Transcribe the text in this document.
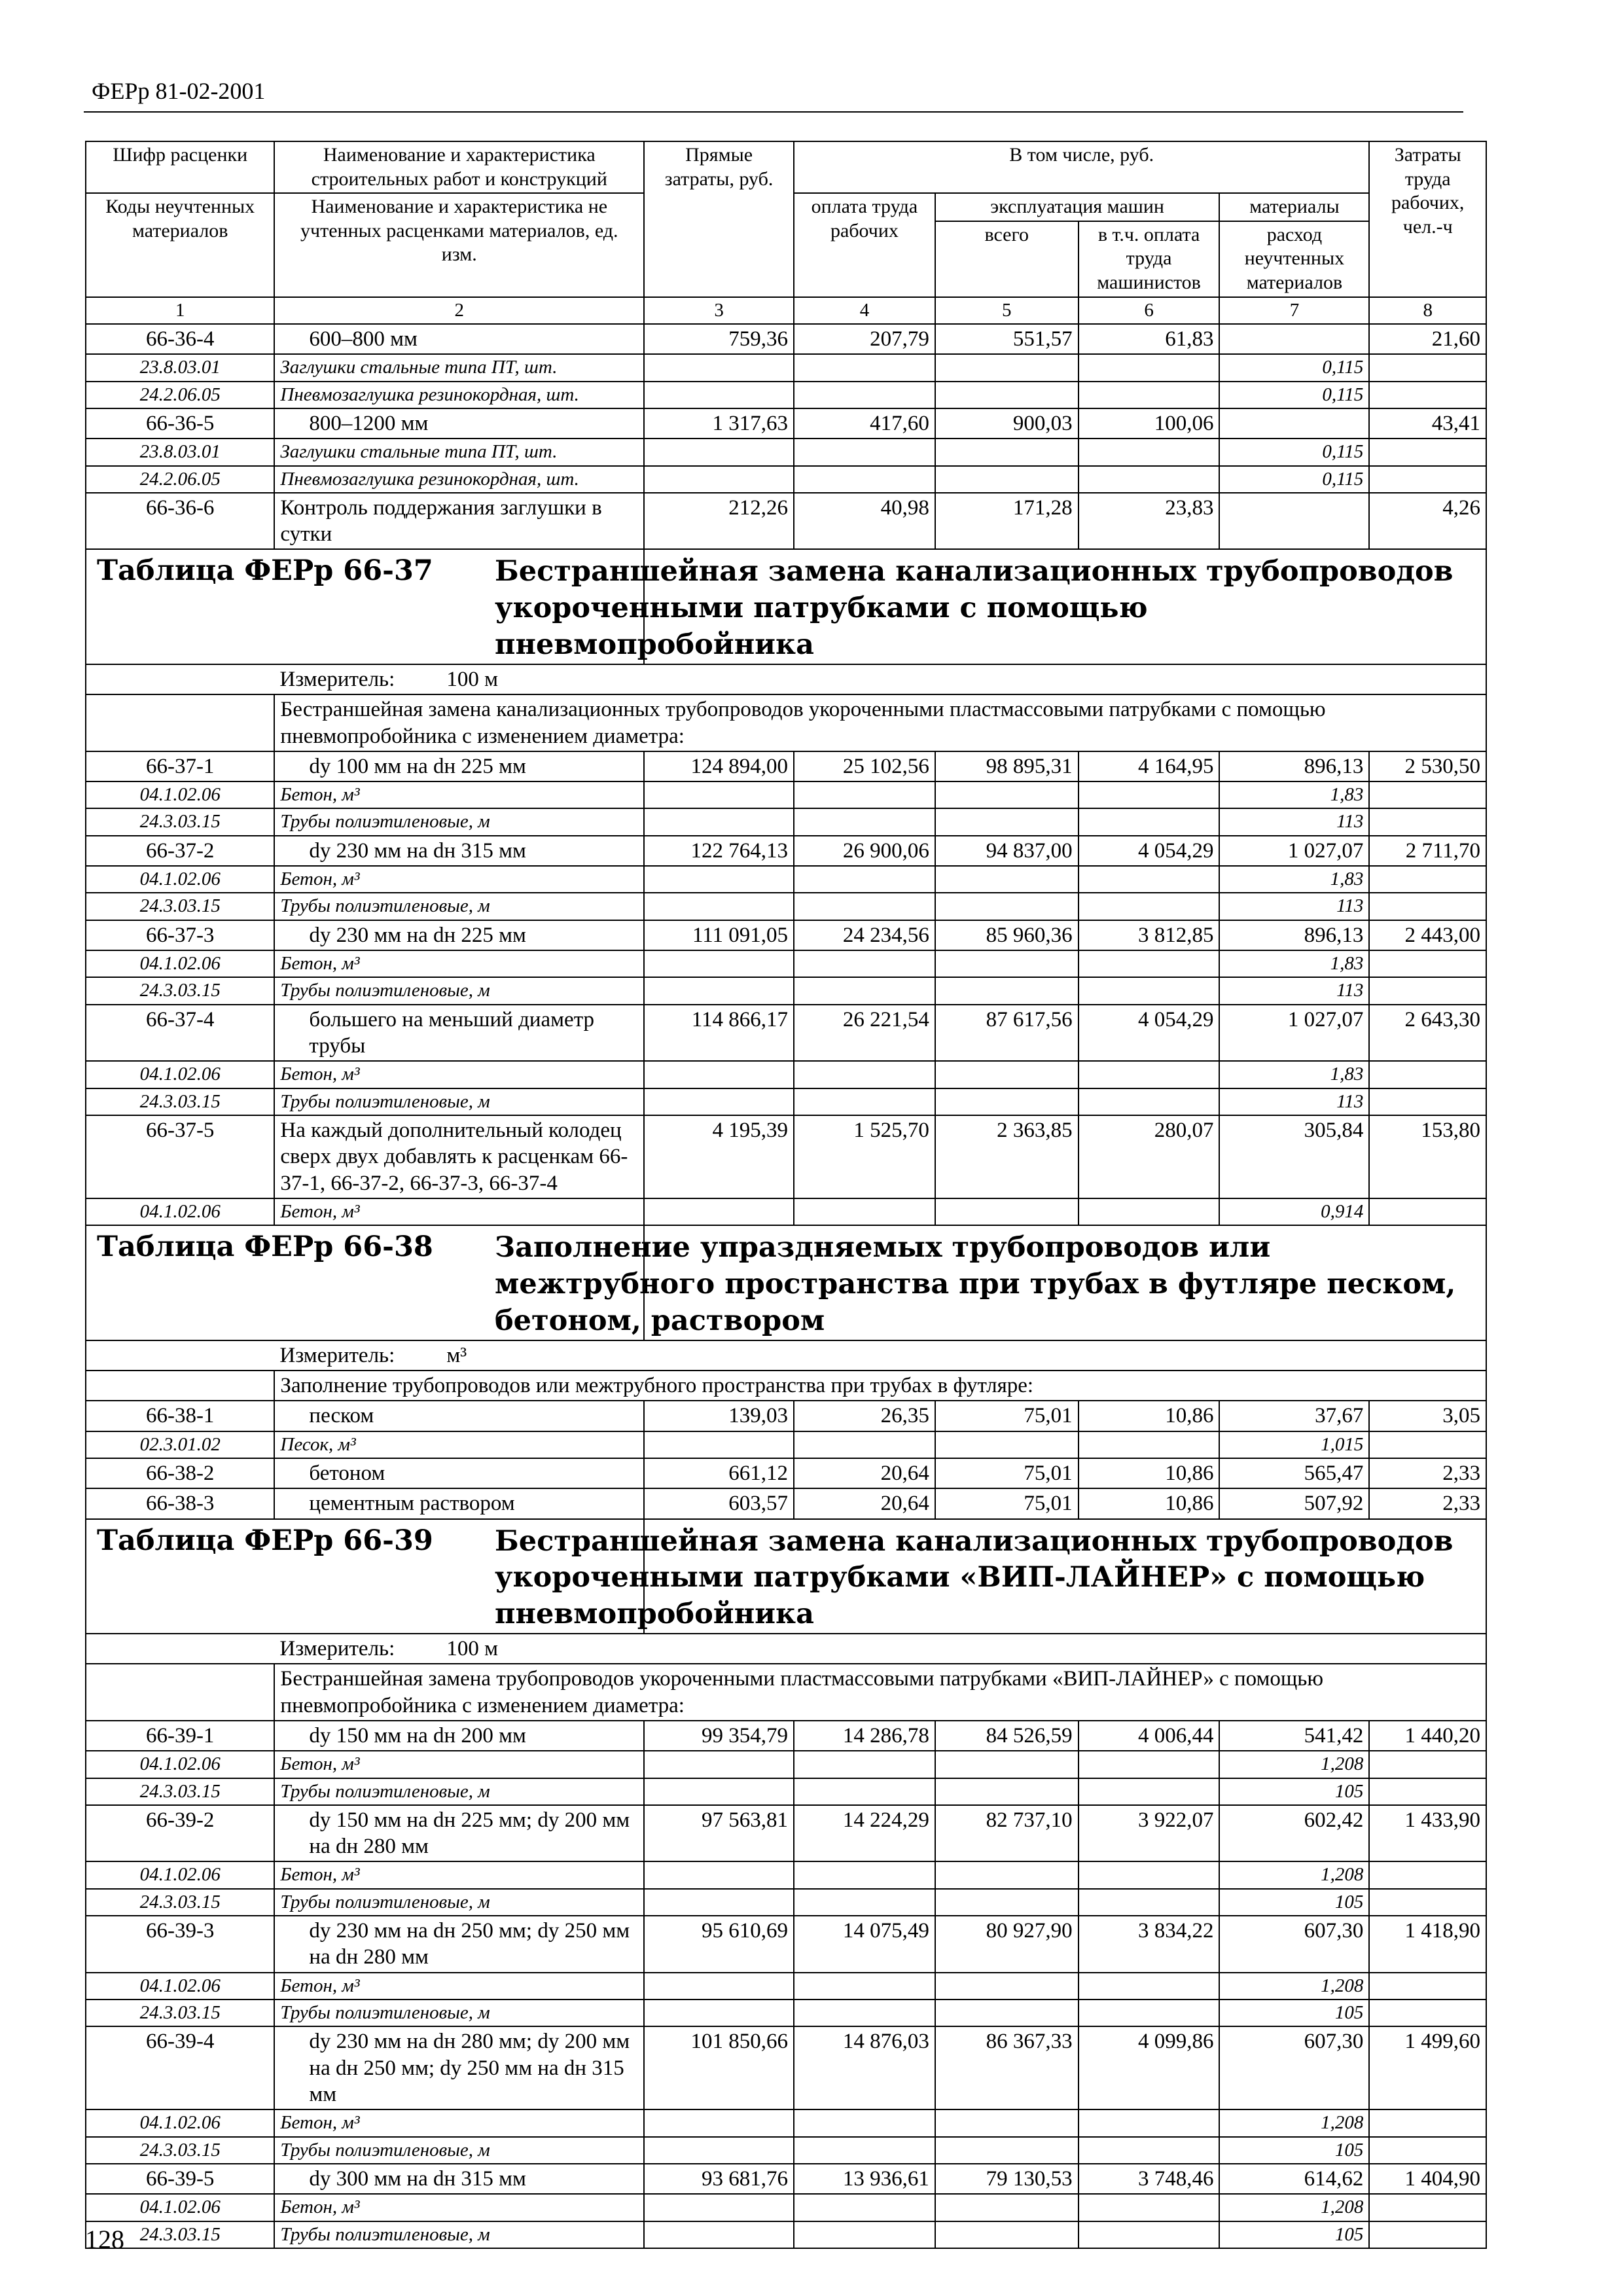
ФЕРр 81-02-2001
Шифр расценки	Наименование и характеристика строительных работ и конструкций	Прямые затраты, руб.	В том числе, руб.				Затраты труда рабочих, чел.-ч
Коды неучтенных материалов	Наименование и характеристика не учтенных расценками материалов, ед. изм.						
			оплата труда рабочих	эксплуатация машин		материалы	
				всего	в т.ч. оплата труда машинистов	расход неучтенных материалов	
1	2	3	4	5	6	7	8
66-36-4	600–800 мм	759,36	207,79	551,57	61,83		21,60
23.8.03.01	Заглушки стальные типа ПТ, шт.					0,115	
24.2.06.05	Пневмозаглушка резинокордная, шт.					0,115	
66-36-5	800–1200 мм	1 317,63	417,60	900,03	100,06		43,41
23.8.03.01	Заглушки стальные типа ПТ, шт.					0,115	
24.2.06.05	Пневмозаглушка резинокордная, шт.					0,115	
66-36-6	Контроль поддержания заглушки в сутки	212,26	40,98	171,28	23,83		4,26

Таблица ФЕРр 66-37 Бестраншейная замена канализационных трубопроводов укороченными патрубками с помощью пневмопробойника							

	Измеритель: 100 м						
	Бестраншейная замена канализационных трубопроводов укороченными пластмассовыми патрубками с помощью пневмопробойника с изменением диаметра:						
66-37-1	dу 100 мм на dн 225 мм	124 894,00	25 102,56	98 895,31	4 164,95	896,13	2 530,50
04.1.02.06	Бетон, м³					1,83	
24.3.03.15	Трубы полиэтиленовые, м					113	
66-37-2	dу 230 мм на dн 315 мм	122 764,13	26 900,06	94 837,00	4 054,29	1 027,07	2 711,70
04.1.02.06	Бетон, м³					1,83	
24.3.03.15	Трубы полиэтиленовые, м					113	
66-37-3	dу 230 мм на dн 225 мм	111 091,05	24 234,56	85 960,36	3 812,85	896,13	2 443,00
04.1.02.06	Бетон, м³					1,83	
24.3.03.15	Трубы полиэтиленовые, м					113	
66-37-4	большего на меньший диаметр трубы	114 866,17	26 221,54	87 617,56	4 054,29	1 027,07	2 643,30
04.1.02.06	Бетон, м³					1,83	
24.3.03.15	Трубы полиэтиленовые, м					113	
66-37-5	На каждый дополнительный колодец сверх двух добавлять к расценкам 66-37-1, 66-37-2, 66-37-3, 66-37-4	4 195,39	1 525,70	2 363,85	280,07	305,84	153,80
04.1.02.06	Бетон, м³					0,914	

Таблица ФЕРр 66-38 Заполнение упраздняемых трубопроводов или межтрубного пространства при трубах в футляре песком, бетоном, раствором							

	Измеритель: м³						
	Заполнение трубопроводов или межтрубного пространства при трубах в футляре:						
66-38-1	песком	139,03	26,35	75,01	10,86	37,67	3,05
02.3.01.02	Песок, м³					1,015	
66-38-2	бетоном	661,12	20,64	75,01	10,86	565,47	2,33
66-38-3	цементным раствором	603,57	20,64	75,01	10,86	507,92	2,33

Таблица ФЕРр 66-39 Бестраншейная замена канализационных трубопроводов укороченными патрубками «ВИП-ЛАЙНЕР» с помощью пневмопробойника							

	Измеритель: 100 м						
	Бестраншейная замена трубопроводов укороченными пластмассовыми патрубками «ВИП-ЛАЙНЕР» с помощью пневмопробойника с изменением диаметра:						
66-39-1	dу 150 мм на dн 200 мм	99 354,79	14 286,78	84 526,59	4 006,44	541,42	1 440,20
04.1.02.06	Бетон, м³					1,208	
24.3.03.15	Трубы полиэтиленовые, м					105	
66-39-2	dу 150 мм на dн 225 мм; dу 200 мм на dн 280 мм	97 563,81	14 224,29	82 737,10	3 922,07	602,42	1 433,90
04.1.02.06	Бетон, м³					1,208	
24.3.03.15	Трубы полиэтиленовые, м					105	
66-39-3	dу 230 мм на dн 250 мм; dу 250 мм на dн 280 мм	95 610,69	14 075,49	80 927,90	3 834,22	607,30	1 418,90
04.1.02.06	Бетон, м³					1,208	
24.3.03.15	Трубы полиэтиленовые, м					105	
66-39-4	dу 230 мм на dн 280 мм; dу 200 мм на dн 250 мм; dу 250 мм на dн 315 мм	101 850,66	14 876,03	86 367,33	4 099,86	607,30	1 499,60
04.1.02.06	Бетон, м³					1,208	
24.3.03.15	Трубы полиэтиленовые, м					105	
66-39-5	dу 300 мм на dн 315 мм	93 681,76	13 936,61	79 130,53	3 748,46	614,62	1 404,90
04.1.02.06	Бетон, м³					1,208	
24.3.03.15	Трубы полиэтиленовые, м					105	
128
